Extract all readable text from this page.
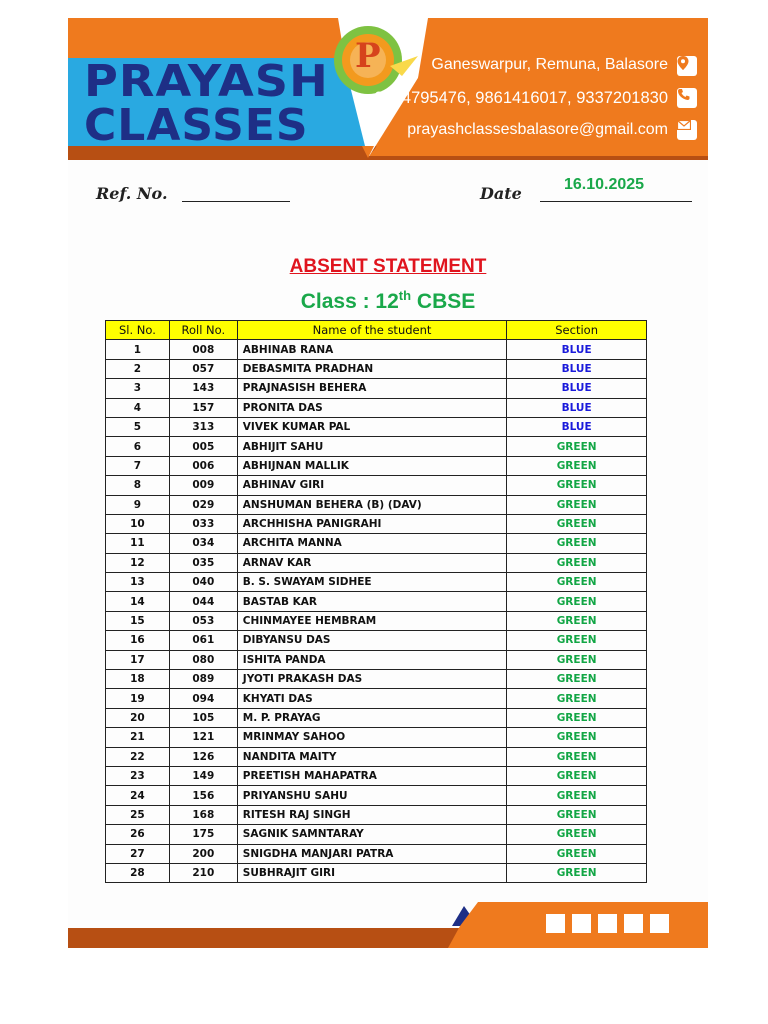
PRAYASH
CLASSES
P	Ganeswarpur, Remuna, Balasore
9124795476, 9861416017, 9337201830
prayashclassesbalasore@gmail.com
Ref. No.	Date	16.10.2025
ABSENT STATEMENT
Class : 12th CBSE
Sl. No.	Roll No.	Name of the student	Section
1	008	ABHINAB RANA	BLUE
2	057	DEBASMITA PRADHAN	BLUE
3	143	PRAJNASISH BEHERA	BLUE
4	157	PRONITA DAS	BLUE
5	313	VIVEK KUMAR PAL	BLUE
6	005	ABHIJIT SAHU	GREEN
7	006	ABHIJNAN MALLIK	GREEN
8	009	ABHINAV GIRI	GREEN
9	029	ANSHUMAN BEHERA (B) (DAV)	GREEN
10	033	ARCHHISHA PANIGRAHI	GREEN
11	034	ARCHITA MANNA	GREEN
12	035	ARNAV KAR	GREEN
13	040	B. S. SWAYAM SIDHEE	GREEN
14	044	BASTAB KAR	GREEN
15	053	CHINMAYEE HEMBRAM	GREEN
16	061	DIBYANSU DAS	GREEN
17	080	ISHITA PANDA	GREEN
18	089	JYOTI PRAKASH DAS	GREEN
19	094	KHYATI DAS	GREEN
20	105	M. P. PRAYAG	GREEN
21	121	MRINMAY SAHOO	GREEN
22	126	NANDITA MAITY	GREEN
23	149	PREETISH MAHAPATRA	GREEN
24	156	PRIYANSHU SAHU	GREEN
25	168	RITESH RAJ SINGH	GREEN
26	175	SAGNIK SAMNTARAY	GREEN
27	200	SNIGDHA MANJARI PATRA	GREEN
28	210	SUBHRAJIT GIRI	GREEN
